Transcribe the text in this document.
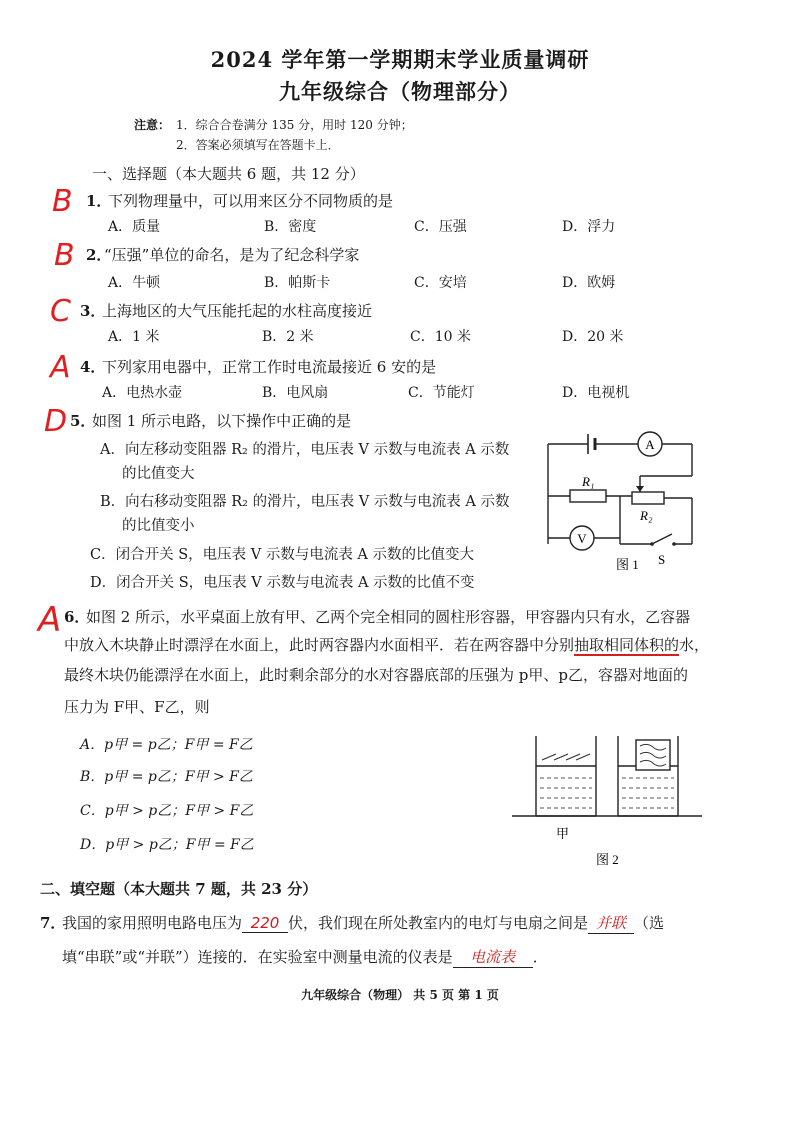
2024 学年第一学期期末学业质量调研
九年级综合（物理部分）
注意： 1．综合合卷满分 135 分，用时 120 分钟；
2．答案必须填写在答题卡上．
一、选择题（本大题共 6 题，共 12 分）
B 1．
下列物理量中，可以用来区分不同物质的是
A．质量	B．密度	C．压强	D．浮力
B 2．
“压强”单位的命名，是为了纪念科学家
A．牛顿	B．帕斯卡	C．安培	D．欧姆
C 3．
上海地区的大气压能托起的水柱高度接近
A．1 米	B．2 米	C．10 米	D．20 米
A 4．
下列家用电器中，正常工作时电流最接近 6 安的是
A．电热水壶	B．电风扇	C．节能灯	D．电视机
D 5．
如图 1 所示电路，以下操作中正确的是
A．向左移动变阻器 R₂ 的滑片，电压表 V 示数与电流表 A 示数
的比值变大
B．向右移动变阻器 R₂ 的滑片，电压表 V 示数与电流表 A 示数
的比值变小
C．闭合开关 S，电压表 V 示数与电流表 A 示数的比值变大
D．闭合开关 S，电压表 V 示数与电流表 A 示数的比值不变
A
V
R₁
R₂
S
图 1
A 6．
如图 2 所示，水平桌面上放有甲、乙两个完全相同的圆柱形容器，甲容器内只有水，乙容器
中放入木块静止时漂浮在水面上，此时两容器内水面相平．若在两容器中分别抽取相同体积的水，
最终木块仍能漂浮在水面上，此时剩余部分的水对容器底部的压强为 p甲、p乙，容器对地面的
压力为 F甲、F乙，则
A．p甲 = p乙；F甲 = F乙
B．p甲 = p乙；F甲 > F乙
C．p甲 > p乙；F甲 > F乙
D．p甲 > p乙；F甲 = F乙
甲
图 2
二、填空题（本大题共 7 题，共 23 分）
7．
我国的家用照明电路电压为 220 伏，我们现在所处教室内的电灯与电扇之间是 并联 （选
填“串联”或“并联”）连接的．在实验室中测量电流的仪表是 电流表 ．
九年级综合（物理） 共 5 页 第 1 页
